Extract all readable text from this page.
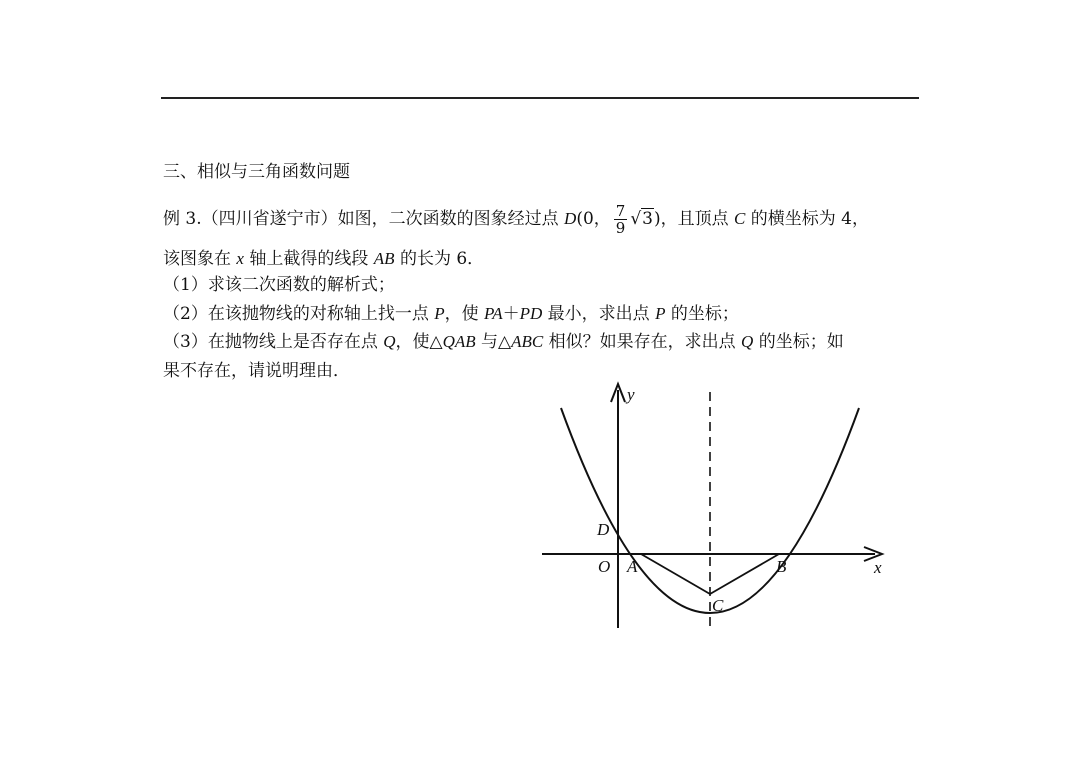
三、相似与三角函数问题
例 3.（四川省遂宁市）如图，二次函数的图象经过点 D(0， $\frac{7}{9} √3$)，且顶点 C 的横坐标为 4，
该图象在 x 轴上截得的线段 AB 的长为 6．
（1）求该二次函数的解析式；
（2）在该抛物线的对称轴上找一点 P，使 PA＋PD 最小，求出点 P 的坐标；
（3）在抛物线上是否存在点 Q，使△QAB 与△ABC 相似？如果存在，求出点 Q 的坐标；如
果不存在，请说明理由．
y
x
D
O A	B
C
